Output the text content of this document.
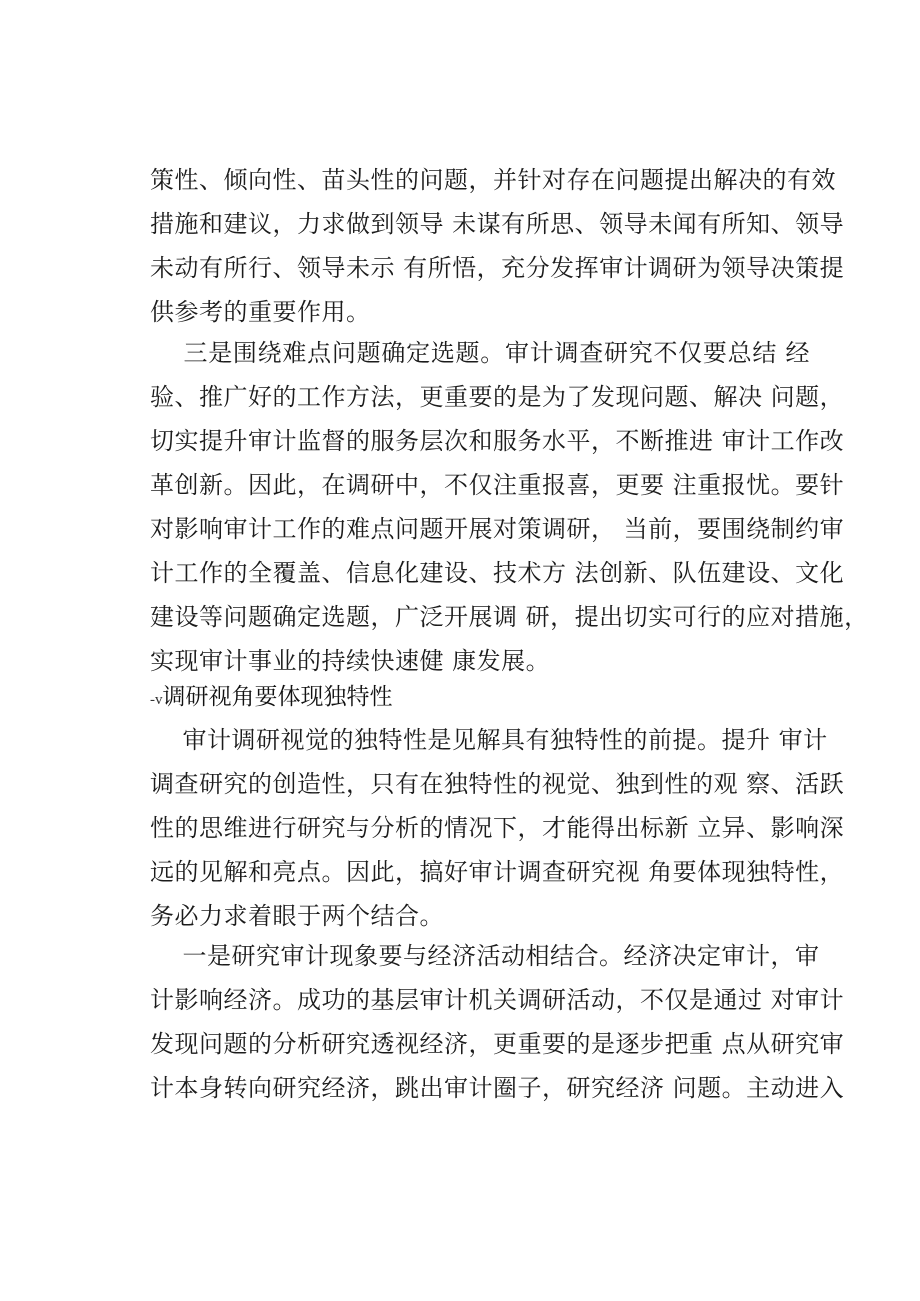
策性、倾向性、苗头性的问题，并针对存在问题提出解决的有效
措施和建议，力求做到领导 未谋有所思、领导未闻有所知、领导
未动有所行、领导未示 有所悟，充分发挥审计调研为领导决策提
供参考的重要作用。
三是围绕难点问题确定选题。审计调查研究不仅要总结 经
验、推广好的工作方法，更重要的是为了发现问题、解决 问题，
切实提升审计监督的服务层次和服务水平，不断推进 审计工作改
革创新。因此，在调研中，不仅注重报喜，更要 注重报忧。要针
对影响审计工作的难点问题开展对策调研， 当前，要围绕制约审
计工作的全覆盖、信息化建设、技术方 法创新、队伍建设、文化
建设等问题确定选题，广泛开展调 研，提出切实可行的应对措施，
实现审计事业的持续快速健 康发展。
-v调研视角要体现独特性
审计调研视觉的独特性是见解具有独特性的前提。提升 审计
调查研究的创造性，只有在独特性的视觉、独到性的观 察、活跃
性的思维进行研究与分析的情况下，才能得出标新 立异、影响深
远的见解和亮点。因此，搞好审计调查研究视 角要体现独特性，
务必力求着眼于两个结合。
一是研究审计现象要与经济活动相结合。经济决定审计，审
计影响经济。成功的基层审计机关调研活动，不仅是通过 对审计
发现问题的分析研究透视经济，更重要的是逐步把重 点从研究审
计本身转向研究经济，跳出审计圈子，研究经济 问题。主动进入
